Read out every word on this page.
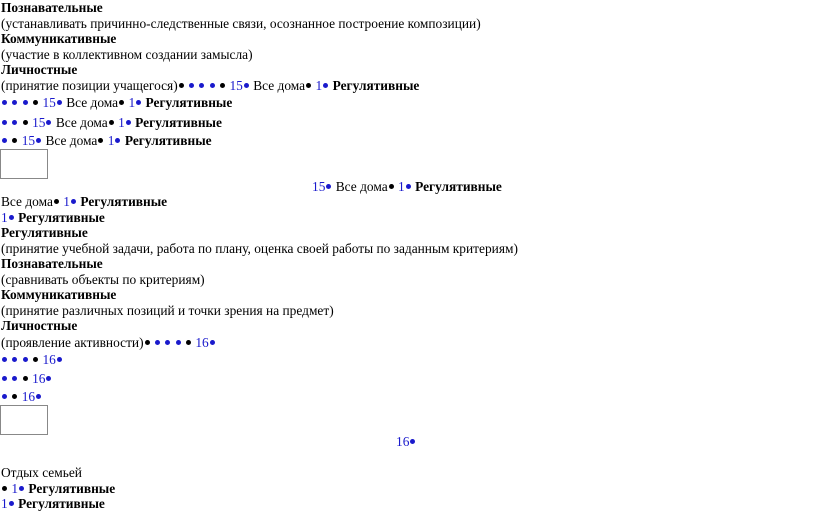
Познавательные
(устанавливать причинно-следственные связи, осознанное построение композиции)
Коммуникативные
(участие в коллективном создании замысла)
Личностные
(принятие позиции учащегося)	15 Все дома 1 Регулятивные
15 Все дома 1 Регулятивные
15 Все дома 1 Регулятивные
15 Все дома 1 Регулятивные
15 Все дома 1 Регулятивные
Все дома 1 Регулятивные
1 Регулятивные
Регулятивные
(принятие учебной задачи, работа по плану, оценка своей работы по заданным критериям)
Познавательные
(сравнивать объекты по критериям)
Коммуникативные
(принятие различных позиций и точки зрения на предмет)
Личностные
(проявление активности)	16
16
16
16
16
Отдых семьей
1 Регулятивные
1 Регулятивные
